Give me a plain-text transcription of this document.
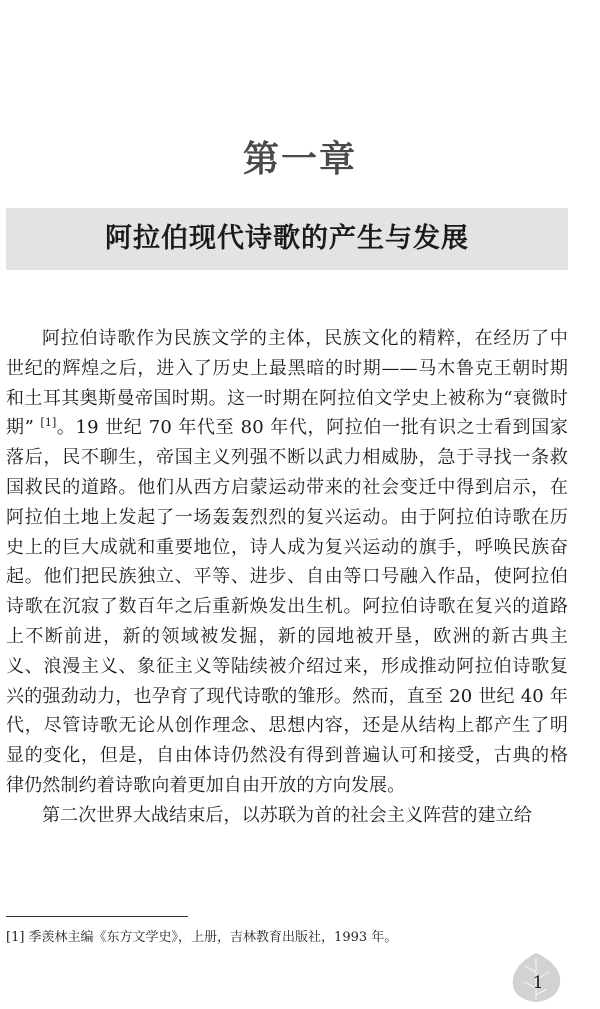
第一章
阿拉伯现代诗歌的产生与发展

阿拉伯诗歌作为民族文学的主体，民族文化的精粹，在经历了中世纪的辉煌之后，进入了历史上最黑暗的时期——马木鲁克王朝时期和土耳其奥斯曼帝国时期。这一时期在阿拉伯文学史上被称为“衰微时期” [1]。19 世纪 70 年代至 80 年代，阿拉伯一批有识之士看到国家落后，民不聊生，帝国主义列强不断以武力相威胁，急于寻找一条救国救民的道路。他们从西方启蒙运动带来的社会变迁中得到启示，在阿拉伯土地上发起了一场轰轰烈烈的复兴运动。由于阿拉伯诗歌在历史上的巨大成就和重要地位，诗人成为复兴运动的旗手，呼唤民族奋起。他们把民族独立、平等、进步、自由等口号融入作品，使阿拉伯诗歌在沉寂了数百年之后重新焕发出生机。阿拉伯诗歌在复兴的道路上不断前进，新的领域被发掘，新的园地被开垦，欧洲的新古典主义、浪漫主义、象征主义等陆续被介绍过来，形成推动阿拉伯诗歌复兴的强劲动力，也孕育了现代诗歌的雏形。然而，直至 20 世纪 40 年代，尽管诗歌无论从创作理念、思想内容，还是从结构上都产生了明显的变化，但是，自由体诗仍然没有得到普遍认可和接受，古典的格律仍然制约着诗歌向着更加自由开放的方向发展。

第二次世界大战结束后，以苏联为首的社会主义阵营的建立给

[1] 季羡林主编《东方文学史》，上册，吉林教育出版社，1993 年。
1
